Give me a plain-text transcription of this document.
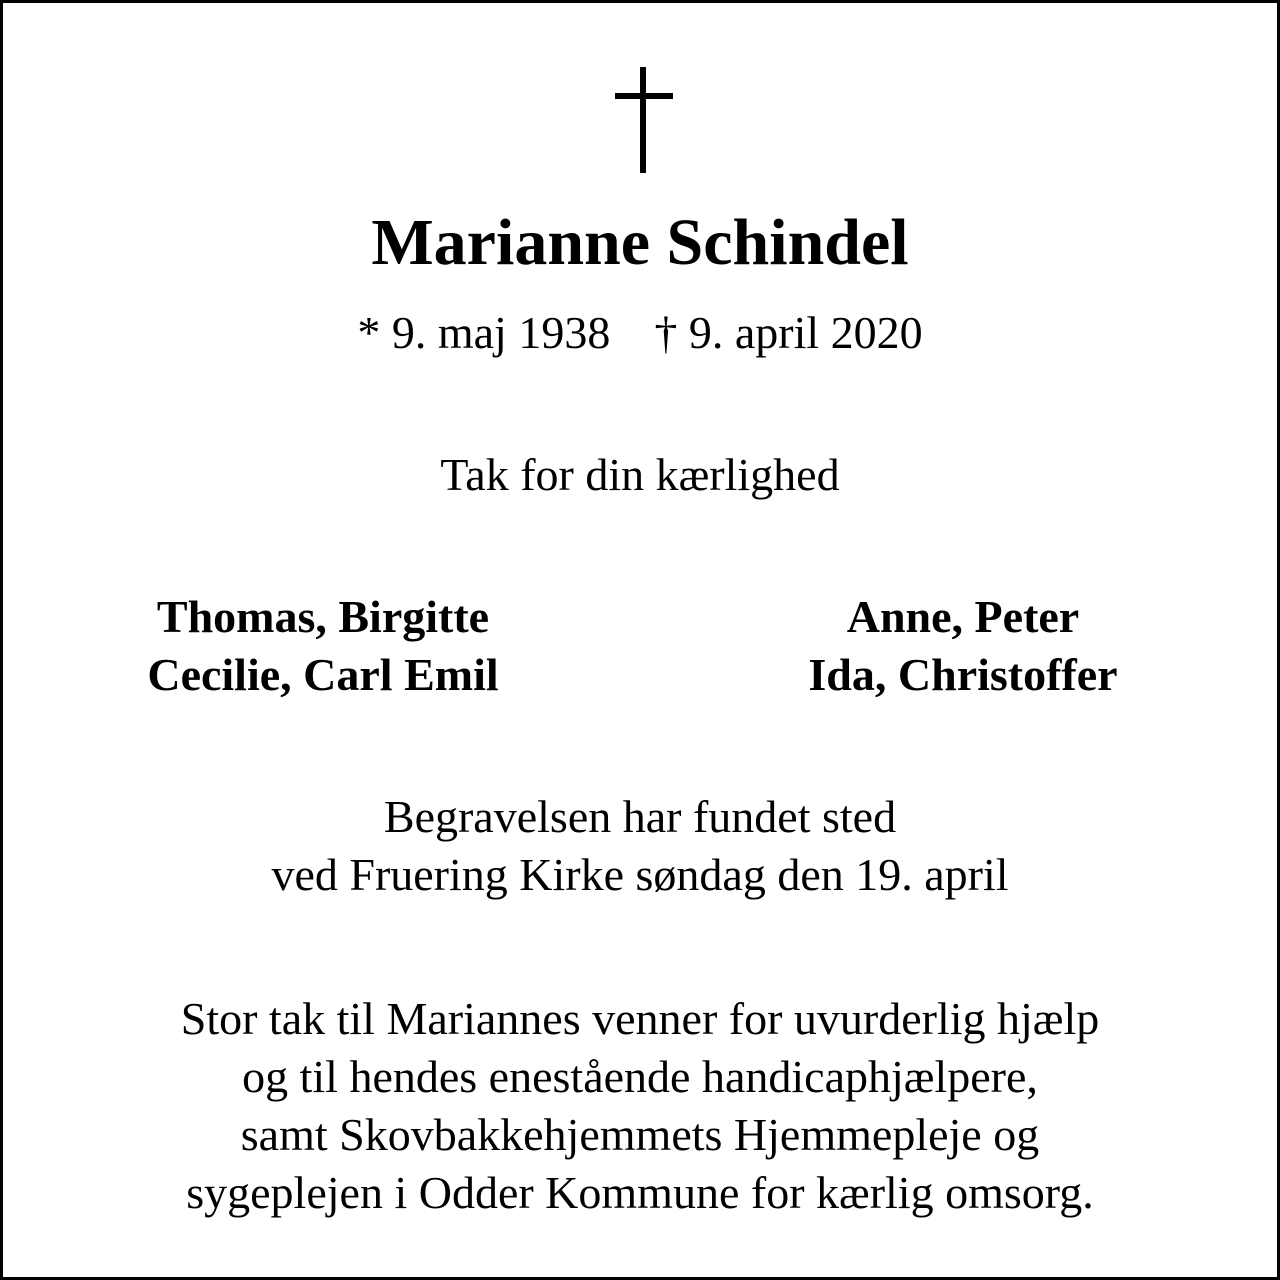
Marianne Schindel
* 9. maj 1938 † 9. april 2020
Tak for din kærlighed
Thomas, Birgitte
Cecilie, Carl Emil
Anne, Peter
Ida, Christoffer
Begravelsen har fundet sted
ved Fruering Kirke søndag den 19. april
Stor tak til Mariannes venner for uvurderlig hjælp
og til hendes enestående handicaphjælpere,
samt Skovbakkehjemmets Hjemmepleje og
sygeplejen i Odder Kommune for kærlig omsorg.
